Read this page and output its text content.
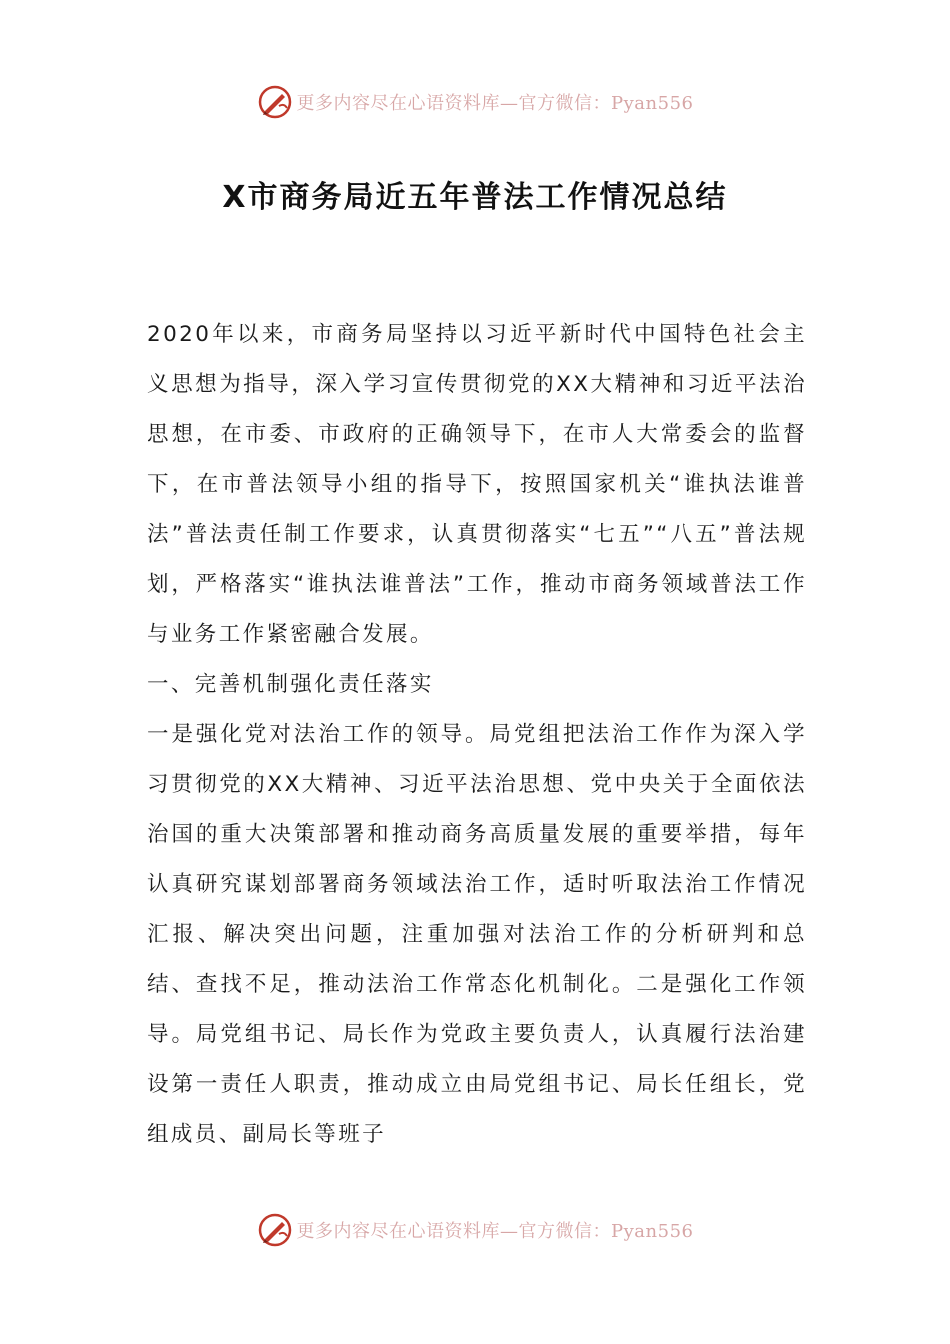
更多内容尽在心语资料库—官方微信：Pyan556
X市商务局近五年普法工作情况总结

2020年以来，市商务局坚持以习近平新时代中国特色社会主义思想为指导，深入学习宣传贯彻党的XX大精神和习近平法治思想，在市委、市政府的正确领导下，在市人大常委会的监督下，在市普法领导小组的指导下，按照国家机关“谁执法谁普法”普法责任制工作要求，认真贯彻落实“七五”“八五”普法规划，严格落实“谁执法谁普法”工作，推动市商务领域普法工作与业务工作紧密融合发展。

一、完善机制强化责任落实

一是强化党对法治工作的领导。局党组把法治工作作为深入学习贯彻党的XX大精神、习近平法治思想、党中央关于全面依法治国的重大决策部署和推动商务高质量发展的重要举措，每年认真研究谋划部署商务领域法治工作，适时听取法治工作情况汇报、解决突出问题，注重加强对法治工作的分析研判和总结、查找不足，推动法治工作常态化机制化。二是强化工作领导。局党组书记、局长作为党政主要负责人，认真履行法治建设第一责任人职责，推动成立由局党组书记、局长任组长，党组成员、副局长等班子

更多内容尽在心语资料库—官方微信：Pyan556
